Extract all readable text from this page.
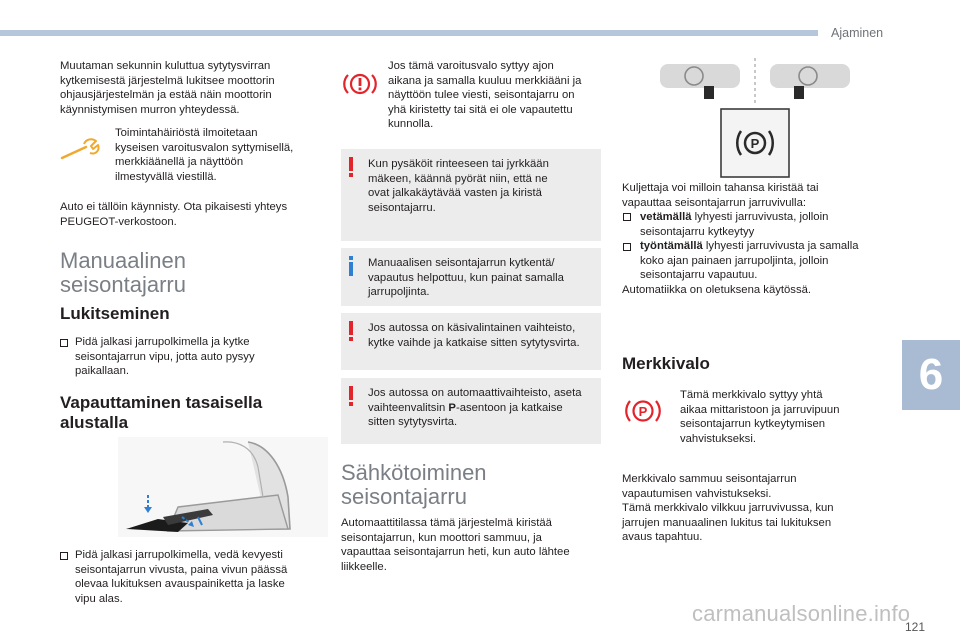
Ajaminen
6

Muutaman sekunnin kuluttua sytytysvirran
kytkemisestä järjestelmä lukitsee moottorin
ohjausjärjestelmän ja estää näin moottorin
käynnistymisen murron yhteydessä.

Toimintahäiriöstä ilmoitetaan
kyseisen varoitusvalon syttymisellä,
merkkiäänellä ja näyttöön
ilmestyvällä viestillä.

Auto ei tällöin käynnisty. Ota pikaisesti yhteys
PEUGEOT-verkostoon.

Manuaalinen
seisontajarru
Lukitseminen

Pidä jalkasi jarrupolkimella ja kytke
seisontajarrun vipu, jotta auto pysyy
paikallaan.

Vapauttaminen tasaisella
alustalla

Pidä jalkasi jarrupolkimella, vedä kevyesti
seisontajarrun vivusta, paina vivun päässä
olevaa lukituksen avauspainiketta ja laske
vipu alas.

Jos tämä varoitusvalo syttyy ajon
aikana ja samalla kuuluu merkkiääni ja
näyttöön tulee viesti, seisontajarru on
yhä kiristetty tai sitä ei ole vapautettu
kunnolla.

Kun pysäköit rinteeseen tai jyrkkään
mäkeen, käännä pyörät niin, että ne
ovat jalkakäytävää vasten ja kiristä
seisontajarru.

Manuaalisen seisontajarrun kytkentä/
vapautus helpottuu, kun painat samalla
jarrupoljinta.

Jos autossa on käsivalintainen vaihteisto,
kytke vaihde ja katkaise sitten sytytysvirta.

Jos autossa on automaattivaihteisto, aseta
vaihteenvalitsin P-asentoon ja katkaise
sitten sytytysvirta.

Sähkötoiminen
seisontajarru

Automaattitilassa tämä järjestelmä kiristää
seisontajarrun, kun moottori sammuu, ja
vapauttaa seisontajarrun heti, kun auto lähtee
liikkeelle.

P

Kuljettaja voi milloin tahansa kiristää tai
vapauttaa seisontajarrun jarruvivulla:

vetämällä lyhyesti jarruvivusta, jolloin
seisontajarru kytkeytyy

työntämällä lyhyesti jarruvivusta ja samalla
koko ajan painaen jarrupoljinta, jolloin
seisontajarru vapautuu.

Automatiikka on oletuksena käytössä.

Merkkivalo
P

Tämä merkkivalo syttyy yhtä
aikaa mittaristoon ja jarruvipuun
seisontajarrun kytkeytymisen
vahvistukseksi.

Merkkivalo sammuu seisontajarrun
vapautumisen vahvistukseksi.
Tämä merkkivalo vilkkuu jarruvivussa, kun
jarrujen manuaalinen lukitus tai lukituksen
avaus tapahtuu.

carmanualsonline.info
121
